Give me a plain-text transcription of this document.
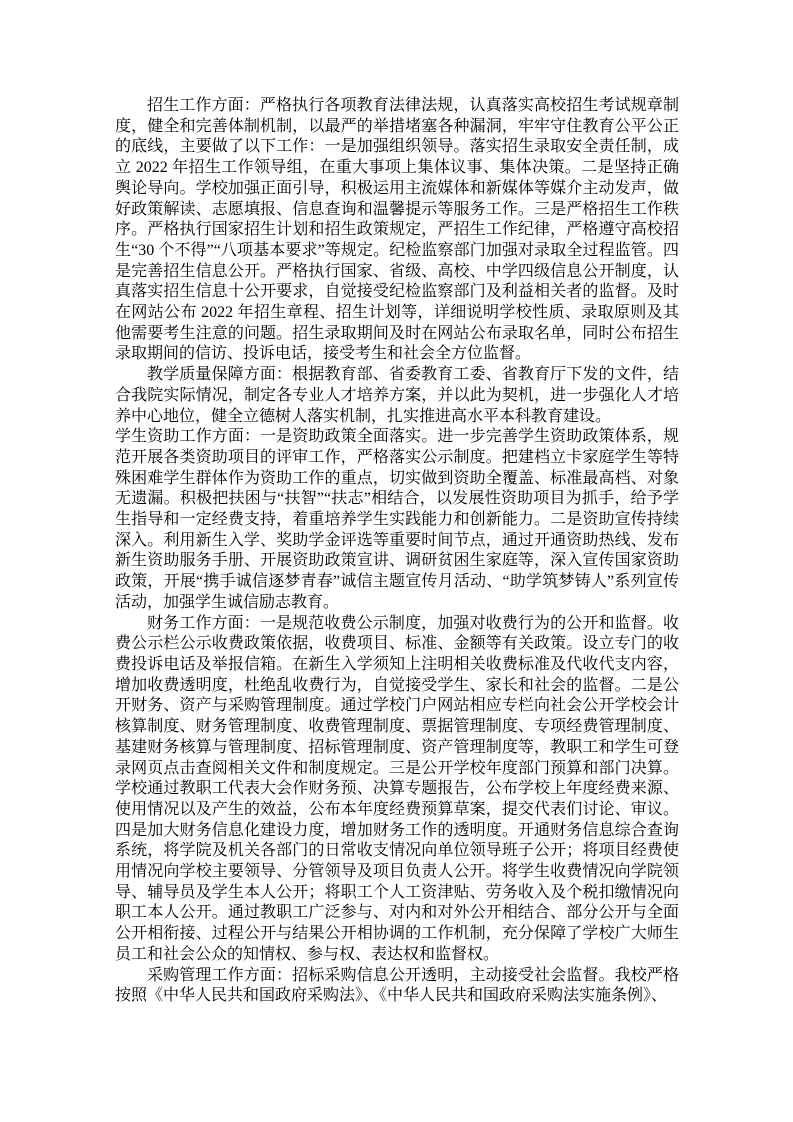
招生工作方面：严格执行各项教育法律法规，认真落实高校招生考试规章制度，健全和完善体制机制，以最严的举措堵塞各种漏洞，牢牢守住教育公平公正的底线，主要做了以下工作：一是加强组织领导。落实招生录取安全责任制，成立 2022 年招生工作领导组，在重大事项上集体议事、集体决策。二是坚持正确舆论导向。学校加强正面引导，积极运用主流媒体和新媒体等媒介主动发声，做好政策解读、志愿填报、信息查询和温馨提示等服务工作。三是严格招生工作秩序。严格执行国家招生计划和招生政策规定，严招生工作纪律，严格遵守高校招生“30 个不得”“八项基本要求”等规定。纪检监察部门加强对录取全过程监管。四是完善招生信息公开。严格执行国家、省级、高校、中学四级信息公开制度，认真落实招生信息十公开要求，自觉接受纪检监察部门及利益相关者的监督。及时在网站公布 2022 年招生章程、招生计划等，详细说明学校性质、录取原则及其他需要考生注意的问题。招生录取期间及时在网站公布录取名单，同时公布招生录取期间的信访、投诉电话，接受考生和社会全方位监督。

教学质量保障方面：根据教育部、省委教育工委、省教育厅下发的文件，结合我院实际情况，制定各专业人才培养方案，并以此为契机，进一步强化人才培养中心地位，健全立德树人落实机制，扎实推进高水平本科教育建设。

学生资助工作方面：一是资助政策全面落实。进一步完善学生资助政策体系，规范开展各类资助项目的评审工作，严格落实公示制度。把建档立卡家庭学生等特殊困难学生群体作为资助工作的重点，切实做到资助全覆盖、标准最高档、对象无遗漏。积极把扶困与“扶智”“扶志”相结合，以发展性资助项目为抓手，给予学生指导和一定经费支持，着重培养学生实践能力和创新能力。二是资助宣传持续深入。利用新生入学、奖助学金评选等重要时间节点，通过开通资助热线、发布新生资助服务手册、开展资助政策宣讲、调研贫困生家庭等，深入宣传国家资助政策，开展“携手诚信逐梦青春”诚信主题宣传月活动、“助学筑梦铸人”系列宣传活动，加强学生诚信励志教育。

财务工作方面：一是规范收费公示制度，加强对收费行为的公开和监督。收费公示栏公示收费政策依据，收费项目、标准、金额等有关政策。设立专门的收费投诉电话及举报信箱。在新生入学须知上注明相关收费标准及代收代支内容，增加收费透明度，杜绝乱收费行为，自觉接受学生、家长和社会的监督。二是公开财务、资产与采购管理制度。通过学校门户网站相应专栏向社会公开学校会计核算制度、财务管理制度、收费管理制度、票据管理制度、专项经费管理制度、基建财务核算与管理制度、招标管理制度、资产管理制度等，教职工和学生可登录网页点击查阅相关文件和制度规定。三是公开学校年度部门预算和部门决算。学校通过教职工代表大会作财务预、决算专题报告，公布学校上年度经费来源、使用情况以及产生的效益，公布本年度经费预算草案，提交代表们讨论、审议。四是加大财务信息化建设力度，增加财务工作的透明度。开通财务信息综合查询系统，将学院及机关各部门的日常收支情况向单位领导班子公开；将项目经费使用情况向学校主要领导、分管领导及项目负责人公开。将学生收费情况向学院领导、辅导员及学生本人公开；将职工个人工资津贴、劳务收入及个税扣缴情况向职工本人公开。通过教职工广泛参与、对内和对外公开相结合、部分公开与全面公开相衔接、过程公开与结果公开相协调的工作机制，充分保障了学校广大师生员工和社会公众的知情权、参与权、表达权和监督权。

采购管理工作方面：招标采购信息公开透明，主动接受社会监督。我校严格按照《中华人民共和国政府采购法》、《中华人民共和国政府采购法实施条例》、
